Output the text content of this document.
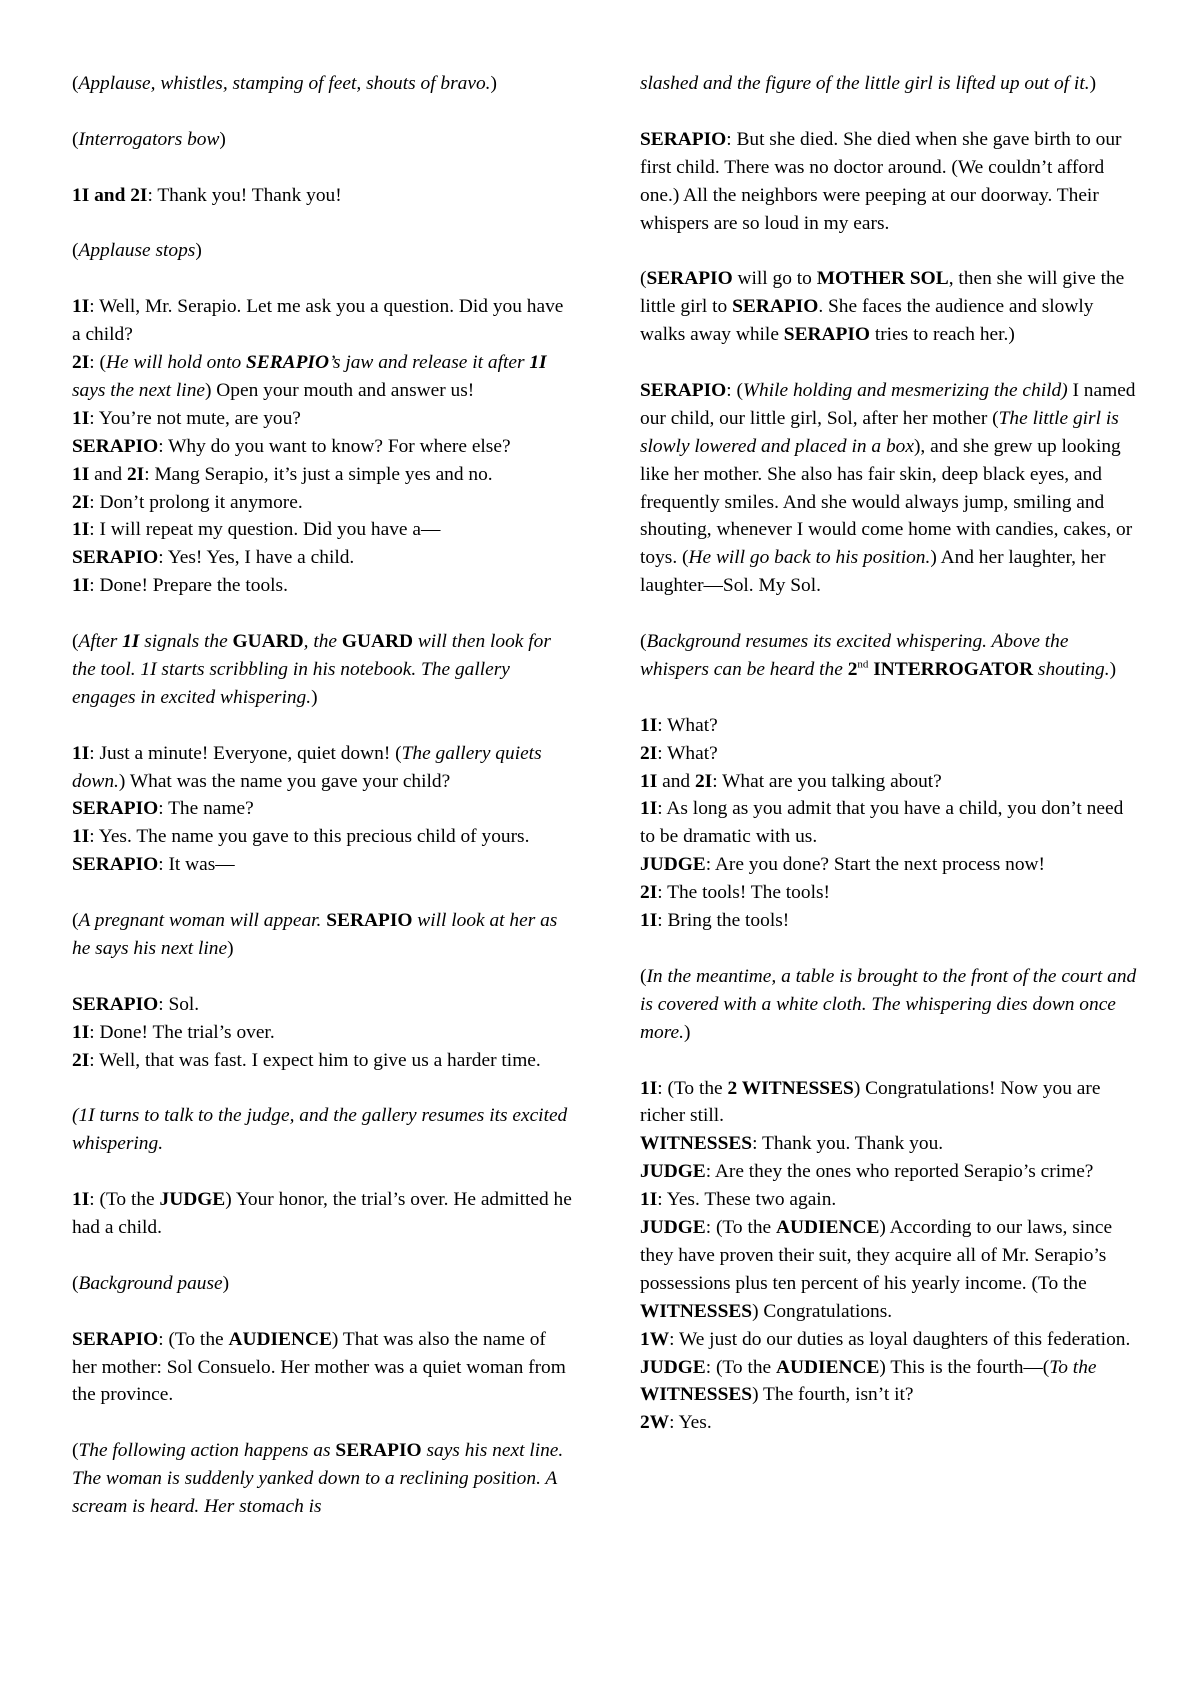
(Applause, whistles, stamping of feet, shouts of bravo.)

(Interrogators bow)

1I and 2I: Thank you! Thank you!

(Applause stops)

1I: Well, Mr. Serapio. Let me ask you a question. Did you have a child?

2I: (He will hold onto SERAPIO’s jaw and release it after 1I says the next line) Open your mouth and answer us!

1I: You’re not mute, are you?

SERAPIO: Why do you want to know? For where else?

1I and 2I: Mang Serapio, it’s just a simple yes and no.

2I: Don’t prolong it anymore.

1I: I will repeat my question. Did you have a—

SERAPIO: Yes! Yes, I have a child.

1I: Done! Prepare the tools.

(After 1I signals the GUARD, the GUARD will then look for the tool. 1I starts scribbling in his notebook. The gallery engages in excited whispering.)

1I: Just a minute! Everyone, quiet down! (The gallery quiets down.) What was the name you gave your child?

SERAPIO: The name?

1I: Yes. The name you gave to this precious child of yours.

SERAPIO: It was—

(A pregnant woman will appear. SERAPIO will look at her as he says his next line)

SERAPIO: Sol.

1I: Done! The trial’s over.

2I: Well, that was fast. I expect him to give us a harder time.

(1I turns to talk to the judge, and the gallery resumes its excited whispering.

1I: (To the JUDGE) Your honor, the trial’s over. He admitted he had a child.

(Background pause)

SERAPIO: (To the AUDIENCE) That was also the name of her mother: Sol Consuelo. Her mother was a quiet woman from the province.

(The following action happens as SERAPIO says his next line. The woman is suddenly yanked down to a reclining position. A scream is heard. Her stomach is

slashed and the figure of the little girl is lifted up out of it.)

SERAPIO: But she died. She died when she gave birth to our first child. There was no doctor around. (We couldn’t afford one.) All the neighbors were peeping at our doorway. Their whispers are so loud in my ears.

(SERAPIO will go to MOTHER SOL, then she will give the little girl to SERAPIO. She faces the audience and slowly walks away while SERAPIO tries to reach her.)

SERAPIO: (While holding and mesmerizing the child) I named our child, our little girl, Sol, after her mother (The little girl is slowly lowered and placed in a box), and she grew up looking like her mother. She also has fair skin, deep black eyes, and frequently smiles. And she would always jump, smiling and shouting, whenever I would come home with candies, cakes, or toys. (He will go back to his position.) And her laughter, her laughter—Sol. My Sol.

(Background resumes its excited whispering. Above the whispers can be heard the 2nd INTERROGATOR shouting.)

1I: What?

2I: What?

1I and 2I: What are you talking about?

1I: As long as you admit that you have a child, you don’t need to be dramatic with us.

JUDGE: Are you done? Start the next process now!

2I: The tools! The tools!

1I: Bring the tools!

(In the meantime, a table is brought to the front of the court and is covered with a white cloth. The whispering dies down once more.)

1I: (To the 2 WITNESSES) Congratulations! Now you are richer still.

WITNESSES: Thank you. Thank you.

JUDGE: Are they the ones who reported Serapio’s crime?

1I: Yes. These two again.

JUDGE: (To the AUDIENCE) According to our laws, since they have proven their suit, they acquire all of Mr. Serapio’s possessions plus ten percent of his yearly income. (To the WITNESSES) Congratulations.

1W: We just do our duties as loyal daughters of this federation.

JUDGE: (To the AUDIENCE) This is the fourth—(To the WITNESSES) The fourth, isn’t it?

2W: Yes.
